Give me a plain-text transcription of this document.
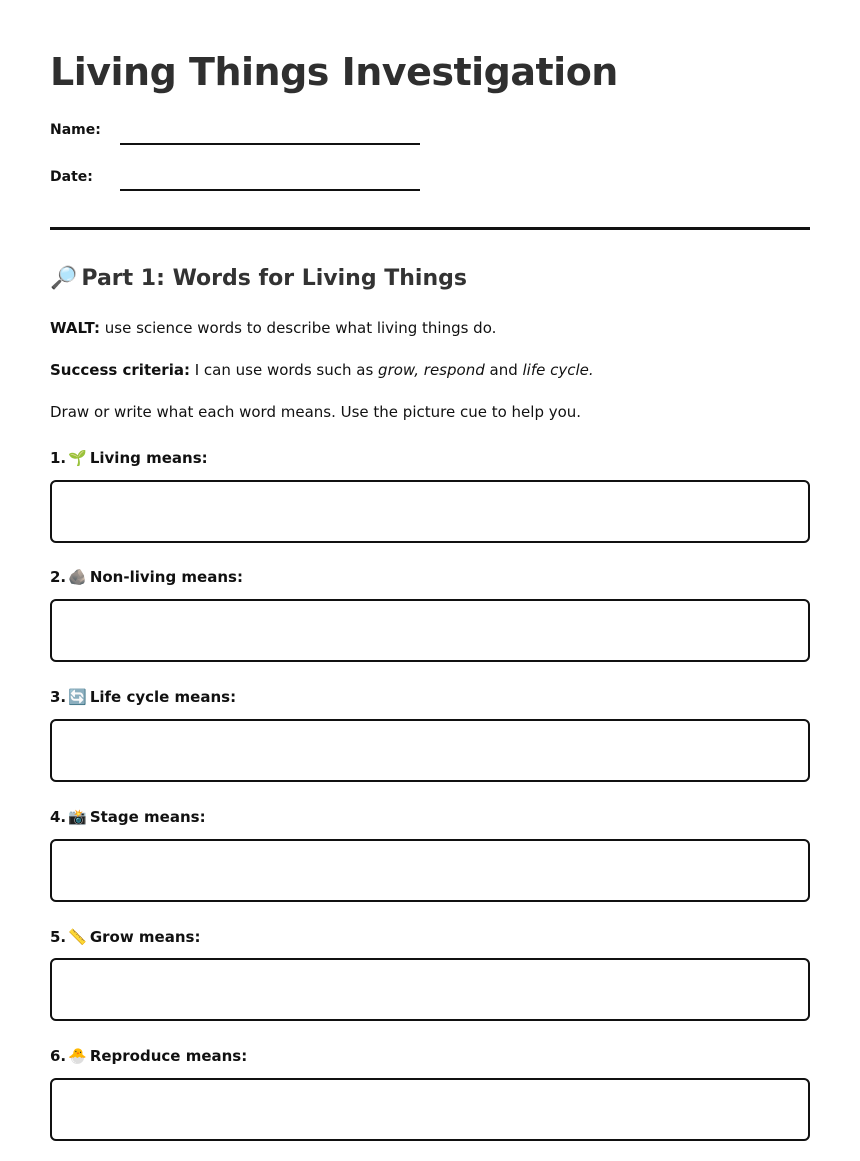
Living Things Investigation
Name:
Date:
🔎 Part 1: Words for Living Things
WALT: use science words to describe what living things do.
Success criteria: I can use words such as grow, respond and life cycle.
Draw or write what each word means. Use the picture cue to help you.
1. 🌱 Living means:
2. 🪨 Non-living means:
3. 🔄 Life cycle means:
4. 📸 Stage means:
5. 📏 Grow means:
6. 🐣 Reproduce means:
